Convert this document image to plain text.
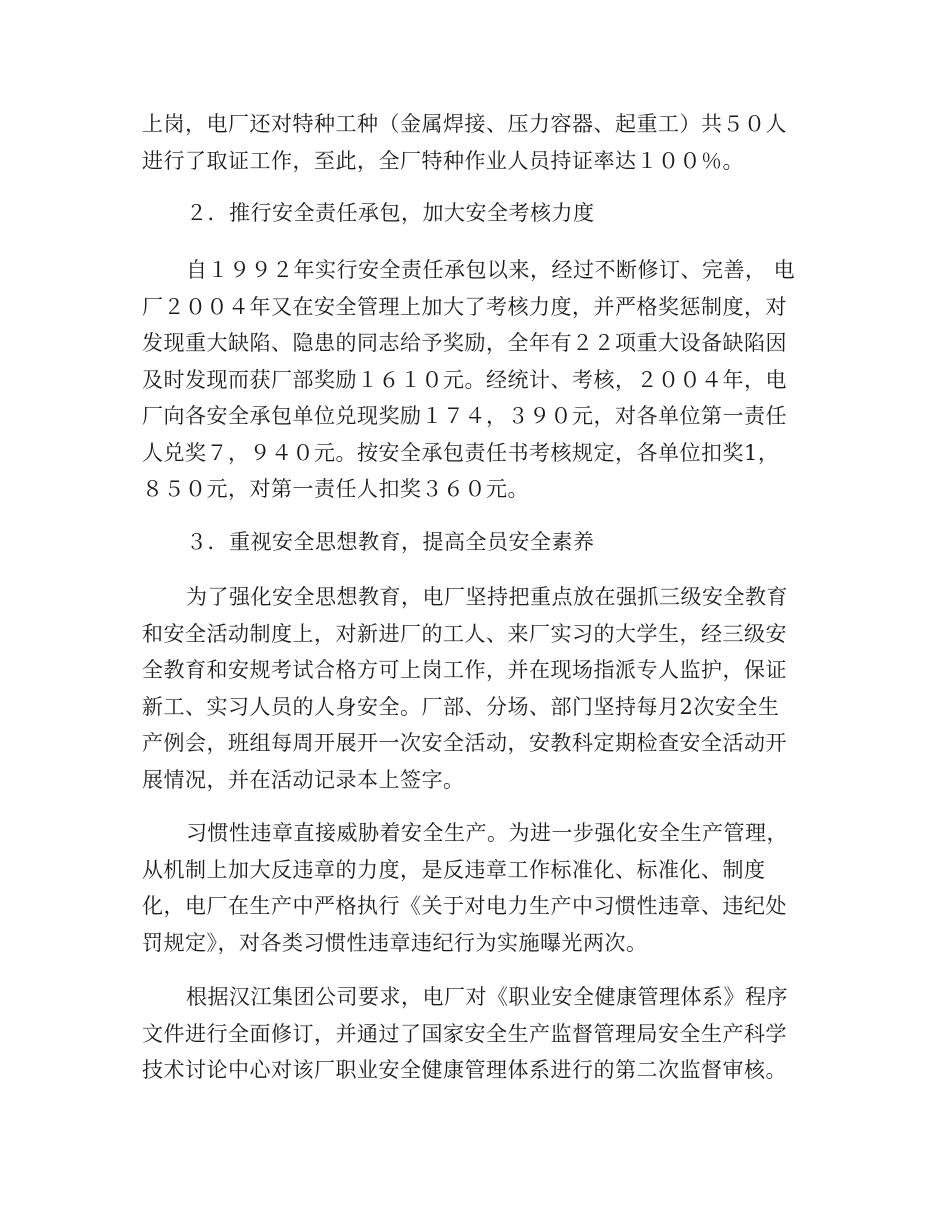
上岗，电厂还对特种工种（金属焊接、压力容器、起重工）共５０人
进行了取证工作，至此，全厂特种作业人员持证率达１００％。
２．推行安全责任承包，加大安全考核力度
自１９９２年实行安全责任承包以来，经过不断修订、完善， 电
厂２００４年又在安全管理上加大了考核力度，并严格奖惩制度，对
发现重大缺陷、隐患的同志给予奖励，全年有２２项重大设备缺陷因
及时发现而获厂部奖励１６１０元。经统计、考核，２００４年，电
厂向各安全承包单位兑现奖励１７４，３９０元，对各单位第一责任
人兑奖７，９４０元。按安全承包责任书考核规定，各单位扣奖1，
８５０元，对第一责任人扣奖３６０元。
３．重视安全思想教育，提高全员安全素养
为了强化安全思想教育，电厂坚持把重点放在强抓三级安全教育
和安全活动制度上，对新进厂的工人、来厂实习的大学生，经三级安
全教育和安规考试合格方可上岗工作，并在现场指派专人监护，保证
新工、实习人员的人身安全。厂部、分场、部门坚持每月2次安全生
产例会，班组每周开展开一次安全活动，安教科定期检查安全活动开
展情况，并在活动记录本上签字。
习惯性违章直接威胁着安全生产。为进一步强化安全生产管理，
从机制上加大反违章的力度，是反违章工作标准化、标准化、制度
化，电厂在生产中严格执行《关于对电力生产中习惯性违章、违纪处
罚规定》，对各类习惯性违章违纪行为实施曝光两次。
根据汉江集团公司要求，电厂对《职业安全健康管理体系》程序
文件进行全面修订，并通过了国家安全生产监督管理局安全生产科学
技术讨论中心对该厂职业安全健康管理体系进行的第二次监督审核。
